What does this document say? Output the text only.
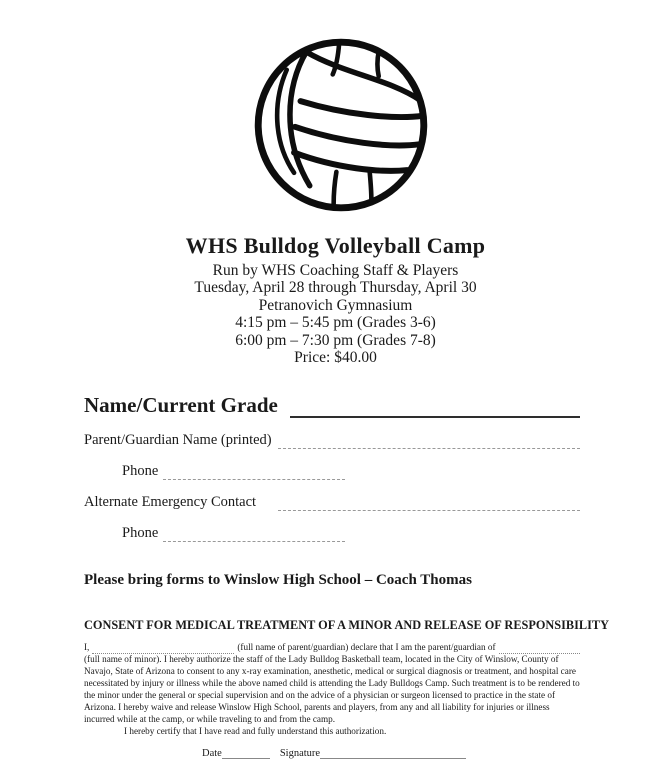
WHS Bulldog Volleyball Camp
Run by WHS Coaching Staff & Players
Tuesday, April 28 through Thursday, April 30
Petranovich Gymnasium
4:15 pm – 5:45 pm (Grades 3-6)
6:00 pm – 7:30 pm (Grades 7-8)
Price: $40.00
Name/Current Grade
Parent/Guardian Name (printed)
Phone
Alternate Emergency Contact
Phone

Please bring forms to Winslow High School – Coach Thomas

CONSENT FOR MEDICAL TREATMENT OF A MINOR AND RELEASE OF RESPONSIBILITY

I,	(full name of parent/guardian) declare that I am the parent/guardian of

(full name of minor). I hereby authorize the staff of the Lady Bulldog Basketball team, located in the City of Winslow, County of Navajo, State of Arizona to consent to any x-ray examination, anesthetic, medical or surgical diagnosis or treatment, and hospital care necessitated by injury or illness while the above named child is attending the Lady Bulldogs Camp. Such treatment is to be rendered to the minor under the general or special supervision and on the advice of a physician or surgeon licensed to practice in the state of Arizona. I hereby waive and release Winslow High School, parents and players, from any and all liability for injuries or illness incurred while at the camp, or while traveling to and from the camp.

I hereby certify that I have read and fully understand this authorization.

Date	Signature
